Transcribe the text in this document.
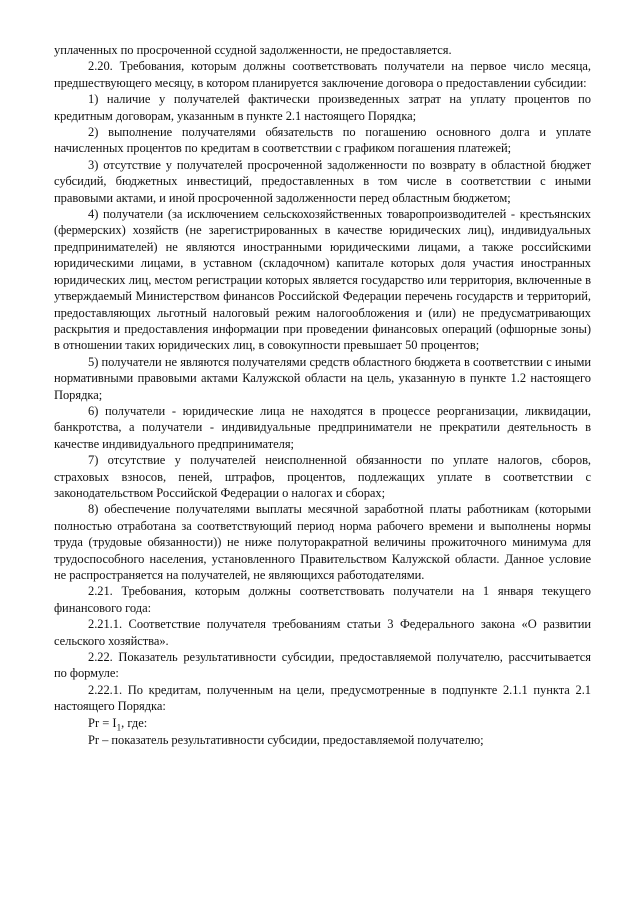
уплаченных по просроченной ссудной задолженности, не предоставляется.

2.20. Требования, которым должны соответствовать получатели на первое число месяца, предшествующего месяцу, в котором планируется заключение договора о предоставлении субсидии:

1) наличие у получателей фактически произведенных затрат на уплату процентов по кредитным договорам, указанным в пункте 2.1 настоящего Порядка;

2) выполнение получателями обязательств по погашению основного долга и уплате начисленных процентов по кредитам в соответствии с графиком погашения платежей;

3) отсутствие у получателей просроченной задолженности по возврату в областной бюджет субсидий, бюджетных инвестиций, предоставленных в том числе в соответствии с иными правовыми актами, и иной просроченной задолженности перед областным бюджетом;

4) получатели (за исключением сельскохозяйственных товаропроизводителей - крестьянских (фермерских) хозяйств (не зарегистрированных в качестве юридических лиц), индивидуальных предпринимателей) не являются иностранными юридическими лицами, а также российскими юридическими лицами, в уставном (складочном) капитале которых доля участия иностранных юридических лиц, местом регистрации которых является государство или территория, включенные в утверждаемый Министерством финансов Российской Федерации перечень государств и территорий, предоставляющих льготный налоговый режим налогообложения и (или) не предусматривающих раскрытия и предоставления информации при проведении финансовых операций (офшорные зоны) в отношении таких юридических лиц, в совокупности превышает 50 процентов;

5) получатели не являются получателями средств областного бюджета в соответствии с иными нормативными правовыми актами Калужской области на цель, указанную в пункте 1.2 настоящего Порядка;

6) получатели - юридические лица не находятся в процессе реорганизации, ликвидации, банкротства, а получатели - индивидуальные предприниматели не прекратили деятельность в качестве индивидуального предпринимателя;

7) отсутствие у получателей неисполненной обязанности по уплате налогов, сборов, страховых взносов, пеней, штрафов, процентов, подлежащих уплате в соответствии с законодательством Российской Федерации о налогах и сборах;

8) обеспечение получателями выплаты месячной заработной платы работникам (которыми полностью отработана за соответствующий период норма рабочего времени и выполнены нормы труда (трудовые обязанности)) не ниже полуторакратной величины прожиточного минимума для трудоспособного населения, установленного Правительством Калужской области. Данное условие не распространяется на получателей, не являющихся работодателями.

2.21. Требования, которым должны соответствовать получатели на 1 января текущего финансового года:

2.21.1. Соответствие получателя требованиям статьи 3 Федерального закона «О развитии сельского хозяйства».

2.22. Показатель результативности субсидии, предоставляемой получателю, рассчитывается по формуле:

2.22.1. По кредитам, полученным на цели, предусмотренные в подпункте 2.1.1 пункта 2.1 настоящего Порядка:

$Pr = I_1$, где:

Pr – показатель результативности субсидии, предоставляемой получателю;
